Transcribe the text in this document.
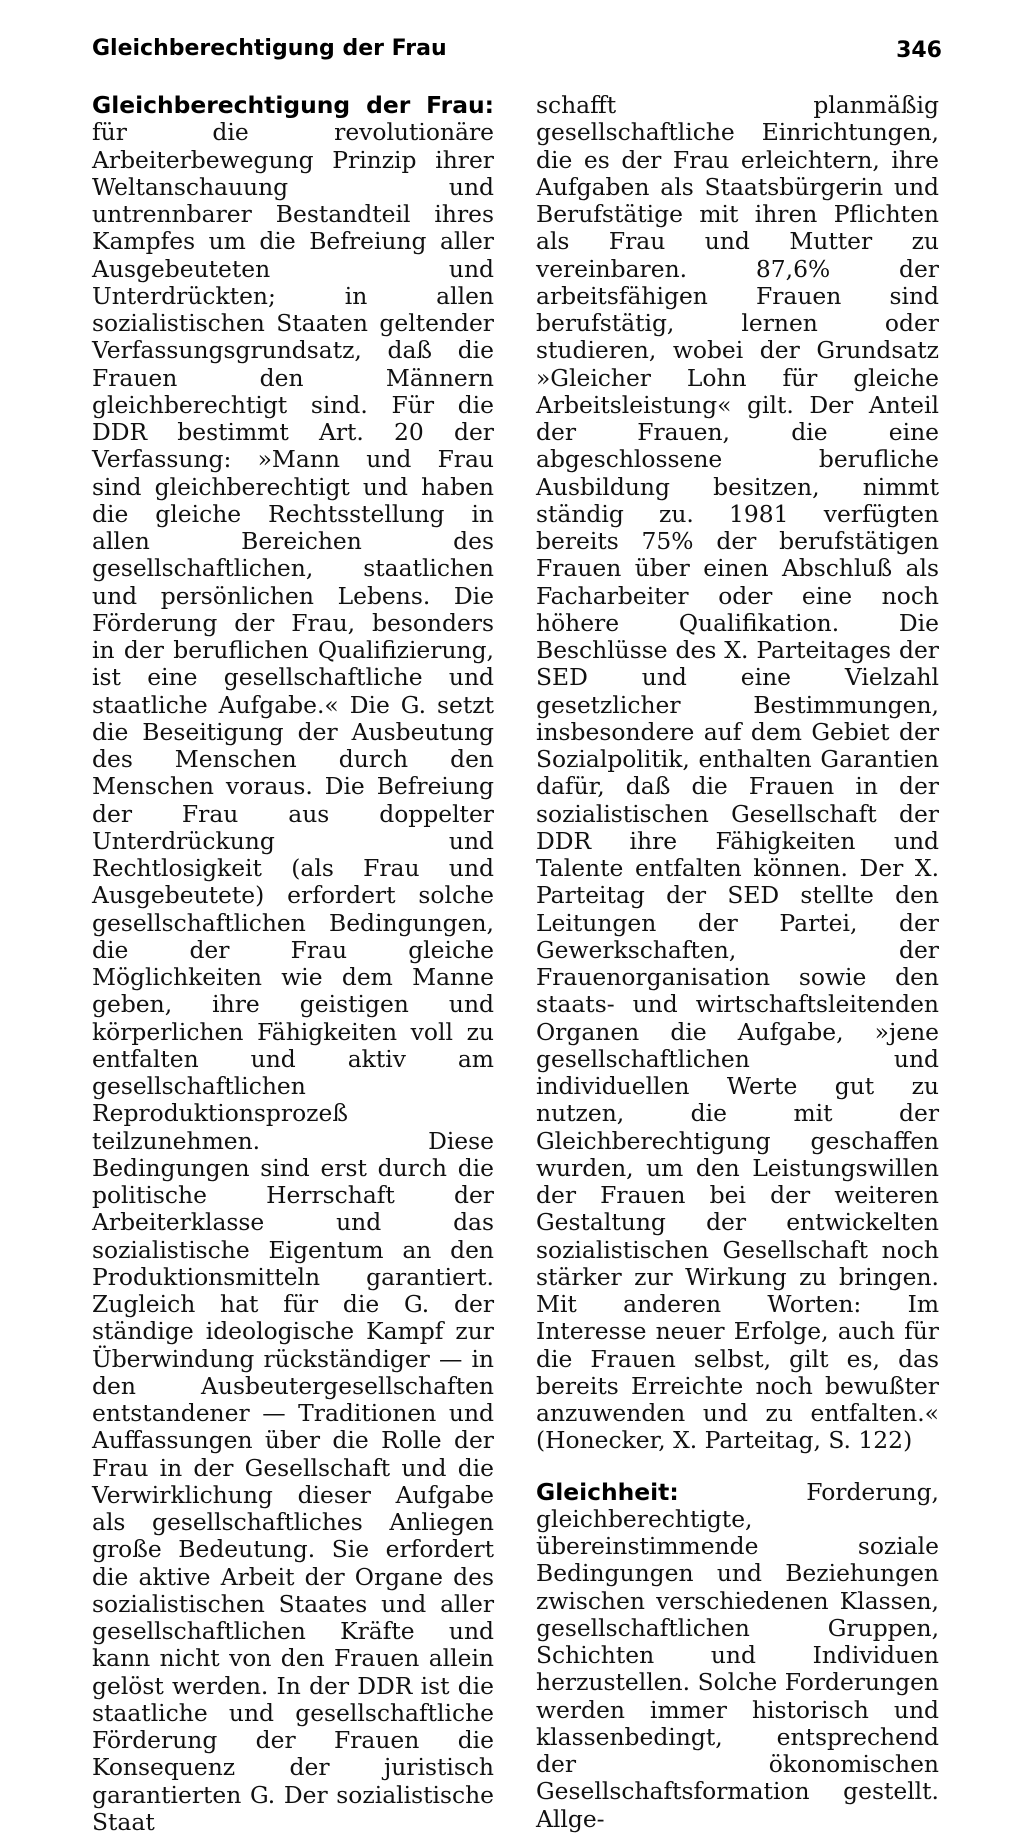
Gleichberechtigung der Frau	346

Gleichberechtigung der Frau: für die revolutionäre Arbeiterbewegung Prinzip ihrer Weltanschauung und untrennbarer Bestandteil ihres Kampfes um die Befreiung aller Ausgebeuteten und Unterdrückten; in allen sozialistischen Staaten geltender Verfassungsgrundsatz, daß die Frauen den Männern gleichberechtigt sind. Für die DDR bestimmt Art. 20 der Verfassung: »Mann und Frau sind gleichberechtigt und haben die gleiche Rechtsstellung in allen Bereichen des gesellschaftlichen, staatlichen und persönlichen Lebens. Die Förderung der Frau, besonders in der beruflichen Qualifizierung, ist eine gesellschaftliche und staatliche Aufgabe.« Die G. setzt die Beseitigung der Ausbeutung des Menschen durch den Menschen voraus. Die Befreiung der Frau aus doppelter Unterdrückung und Rechtlosigkeit (als Frau und Ausgebeutete) erfordert solche gesellschaftlichen Bedingungen, die der Frau gleiche Möglichkeiten wie dem Manne geben, ihre geistigen und körperlichen Fähigkeiten voll zu entfalten und aktiv am gesellschaftlichen Reproduktionsprozeß teilzunehmen. Diese Bedingungen sind erst durch die politische Herrschaft der Arbeiterklasse und das sozialistische Eigentum an den Produktionsmitteln garantiert. Zugleich hat für die G. der ständige ideologische Kampf zur Überwindung rückständiger — in den Ausbeutergesellschaften entstandener — Traditionen und Auffassungen über die Rolle der Frau in der Gesellschaft und die Verwirklichung dieser Aufgabe als gesellschaftliches Anliegen große Bedeutung. Sie erfordert die aktive Arbeit der Organe des sozialistischen Staates und aller gesellschaftlichen Kräfte und kann nicht von den Frauen allein gelöst werden. In der DDR ist die staatliche und gesellschaftliche Förderung der Frauen die Konsequenz der juristisch garantierten G. Der sozialistische Staat

schafft planmäßig gesellschaftliche Einrichtungen, die es der Frau erleichtern, ihre Aufgaben als Staatsbürgerin und Berufstätige mit ihren Pflichten als Frau und Mutter zu vereinbaren. 87,6% der arbeitsfähigen Frauen sind berufstätig, lernen oder studieren, wobei der Grundsatz »Gleicher Lohn für gleiche Arbeitsleistung« gilt. Der Anteil der Frauen, die eine abgeschlossene berufliche Ausbildung besitzen, nimmt ständig zu. 1981 verfügten bereits 75% der berufstätigen Frauen über einen Abschluß als Facharbeiter oder eine noch höhere Qualifikation. Die Beschlüsse des X. Parteitages der SED und eine Vielzahl gesetzlicher Bestimmungen, insbesondere auf dem Gebiet der Sozialpolitik, enthalten Garantien dafür, daß die Frauen in der sozialistischen Gesellschaft der DDR ihre Fähigkeiten und Talente entfalten können. Der X. Parteitag der SED stellte den Leitungen der Partei, der Gewerkschaften, der Frauenorganisation sowie den staats- und wirtschaftsleitenden Organen die Aufgabe, »jene gesellschaftlichen und individuellen Werte gut zu nutzen, die mit der Gleichberechtigung geschaffen wurden, um den Leistungswillen der Frauen bei der weiteren Gestaltung der entwickelten sozialistischen Gesellschaft noch stärker zur Wirkung zu bringen. Mit anderen Worten: Im Interesse neuer Erfolge, auch für die Frauen selbst, gilt es, das bereits Erreichte noch bewußter anzuwenden und zu entfalten.« (Honecker, X. Parteitag, S. 122)

Gleichheit: Forderung, gleichberechtigte, übereinstimmende soziale Bedingungen und Beziehungen zwischen verschiedenen Klassen, gesellschaftlichen Gruppen, Schichten und Individuen herzustellen. Solche Forderungen werden immer historisch und klassenbedingt, entsprechend der ökonomischen Gesellschaftsformation gestellt. Allge-
